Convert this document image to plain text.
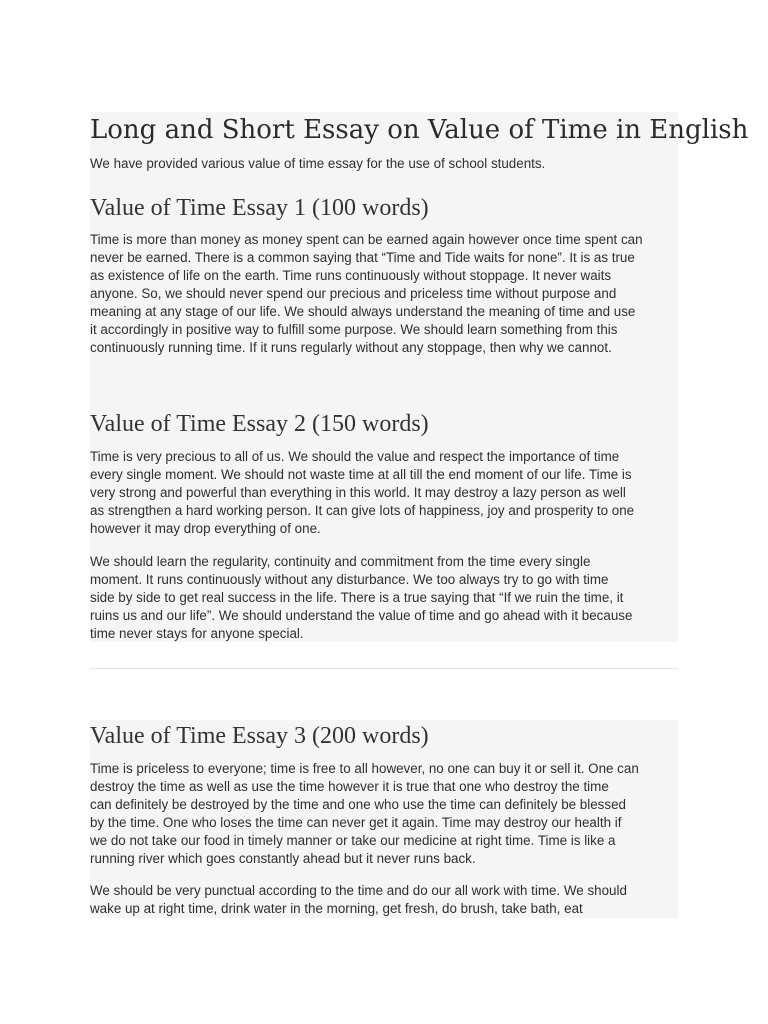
Long and Short Essay on Value of Time in English

We have provided various value of time essay for the use of school students.

Value of Time Essay 1 (100 words)

Time is more than money as money spent can be earned again however once time spent can
never be earned. There is a common saying that “Time and Tide waits for none”. It is as true
as existence of life on the earth. Time runs continuously without stoppage. It never waits
anyone. So, we should never spend our precious and priceless time without purpose and
meaning at any stage of our life. We should always understand the meaning of time and use
it accordingly in positive way to fulfill some purpose. We should learn something from this
continuously running time. If it runs regularly without any stoppage, then why we cannot.

Value of Time Essay 2 (150 words)

Time is very precious to all of us. We should the value and respect the importance of time
every single moment. We should not waste time at all till the end moment of our life. Time is
very strong and powerful than everything in this world. It may destroy a lazy person as well
as strengthen a hard working person. It can give lots of happiness, joy and prosperity to one
however it may drop everything of one.

We should learn the regularity, continuity and commitment from the time every single
moment. It runs continuously without any disturbance. We too always try to go with time
side by side to get real success in the life. There is a true saying that “If we ruin the time, it
ruins us and our life”. We should understand the value of time and go ahead with it because
time never stays for anyone special.

Value of Time Essay 3 (200 words)

Time is priceless to everyone; time is free to all however, no one can buy it or sell it. One can
destroy the time as well as use the time however it is true that one who destroy the time
can definitely be destroyed by the time and one who use the time can definitely be blessed
by the time. One who loses the time can never get it again. Time may destroy our health if
we do not take our food in timely manner or take our medicine at right time. Time is like a
running river which goes constantly ahead but it never runs back.

We should be very punctual according to the time and do our all work with time. We should
wake up at right time, drink water in the morning, get fresh, do brush, take bath, eat
